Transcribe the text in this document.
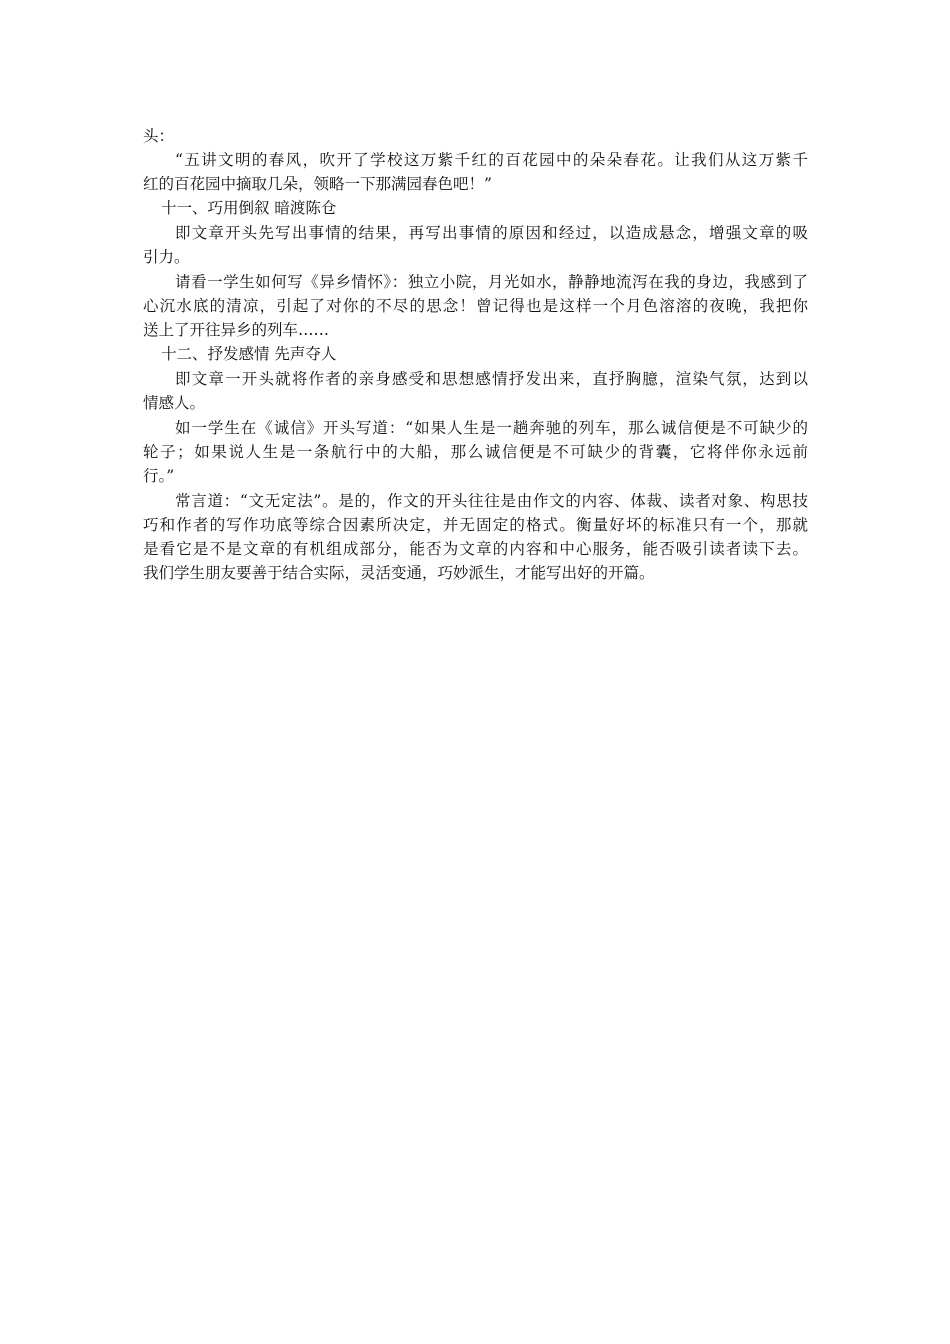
头：
“五讲文明的春风，吹开了学校这万紫千红的百花园中的朵朵春花。让我们从这万紫千
红的百花园中摘取几朵，领略一下那满园春色吧！”
十一、巧用倒叙 暗渡陈仓
即文章开头先写出事情的结果，再写出事情的原因和经过，以造成悬念，增强文章的吸
引力。
请看一学生如何写《异乡情怀》：独立小院，月光如水，静静地流泻在我的身边，我感到了
心沉水底的清凉，引起了对你的不尽的思念！曾记得也是这样一个月色溶溶的夜晚，我把你
送上了开往异乡的列车……
十二、抒发感情 先声夺人
即文章一开头就将作者的亲身感受和思想感情抒发出来，直抒胸臆，渲染气氛，达到以
情感人。
如一学生在《诚信》开头写道：“如果人生是一趟奔驰的列车，那么诚信便是不可缺少的
轮子；如果说人生是一条航行中的大船，那么诚信便是不可缺少的背囊，它将伴你永远前
行。”
常言道：“文无定法”。是的，作文的开头往往是由作文的内容、体裁、读者对象、构思技
巧和作者的写作功底等综合因素所决定，并无固定的格式。衡量好坏的标准只有一个，那就
是看它是不是文章的有机组成部分，能否为文章的内容和中心服务，能否吸引读者读下去。
我们学生朋友要善于结合实际，灵活变通，巧妙派生，才能写出好的开篇。
